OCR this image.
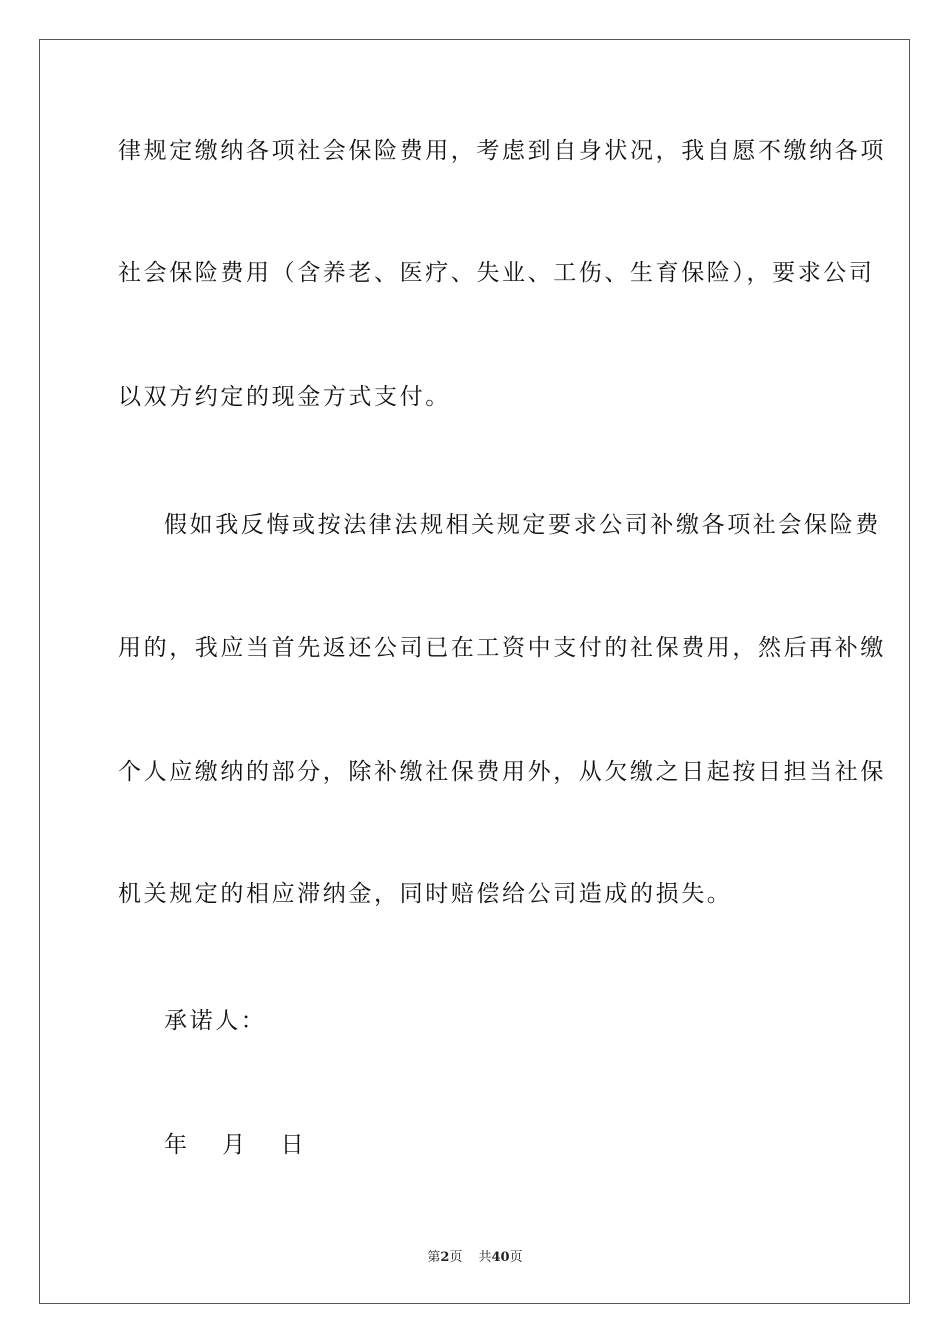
律规定缴纳各项社会保险费用，考虑到自身状况，我自愿不缴纳各项
社会保险费用（含养老、医疗、失业、工伤、生育保险），要求公司
以双方约定的现金方式支付。
假如我反悔或按法律法规相关规定要求公司补缴各项社会保险费
用的，我应当首先返还公司已在工资中支付的社保费用，然后再补缴
个人应缴纳的部分，除补缴社保费用外，从欠缴之日起按日担当社保
机关规定的相应滞纳金，同时赔偿给公司造成的损失。
承诺人：
年 月 日
第2页 共40页
